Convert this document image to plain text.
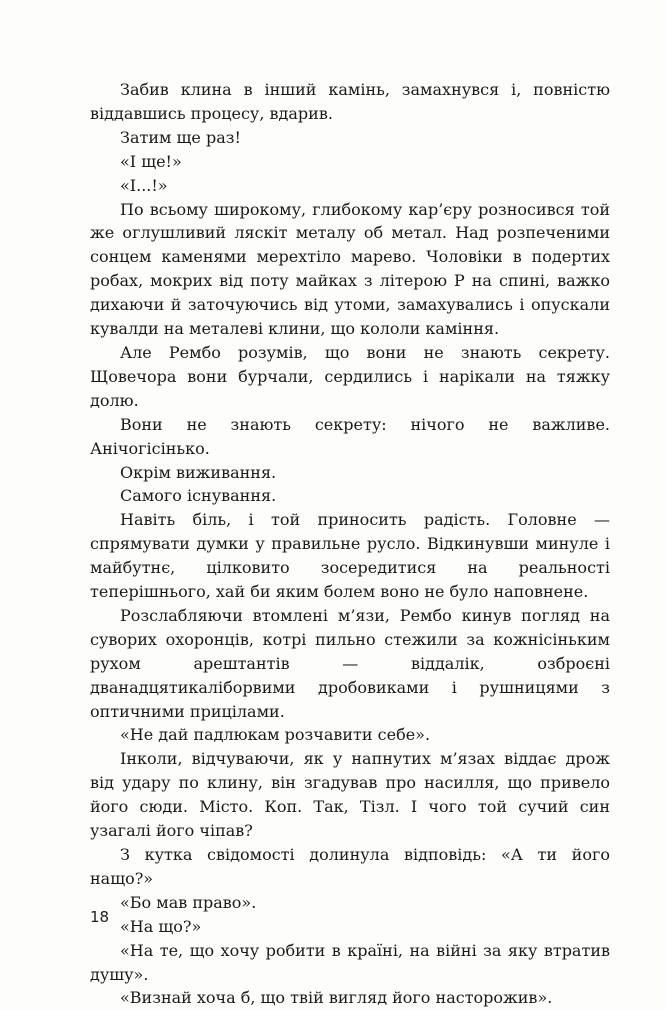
Забив клина в інший камінь, замахнувся і, повністю віддавшись процесу, вдарив.

Затим ще раз!

«І ще!»

«І...!»

По всьому широкому, глибокому кар’єру розносився той же оглушливий ляскіт металу об метал. Над розпеченими сонцем каменями мерехтіло марево. Чоловіки в подертих робах, мокрих від поту майках з літерою Р на спині, важко дихаючи й заточуючись від утоми, замахувались і опускали кувалди на металеві клини, що кололи каміння.

Але Рембо розумів, що вони не знають секрету. Щовечора вони бурчали, сердились і нарікали на тяжку долю.

Вони не знають секрету: нічого не важливе. Анічогісінько.

Окрім виживання.

Самого існування.

Навіть біль, і той приносить радість. Головне — спрямувати думки у правильне русло. Відкинувши минуле і майбутнє, цілковито зосередитися на реальності теперішнього, хай би яким болем воно не було наповнене.

Розслабляючи втомлені м’язи, Рембо кинув погляд на суворих охоронців, котрі пильно стежили за кожнісіньким рухом арештантів — віддалік, озброєні дванадцятикаліборвими дробовиками і рушницями з оптичними прицілами.

«Не дай падлюкам розчавити себе».

Інколи, відчуваючи, як у напнутих м’язах віддає дрож від удару по клину, він згадував про насилля, що привело його сюди. Місто. Коп. Так, Тізл. І чого той сучий син узагалі його чіпав?

З кутка свідомості долинула відповідь: «А ти його нащо?»

«Бо мав право».

«На що?»

«На те, що хочу робити в країні, на війні за яку втратив душу».

«Визнай хоча б, що твій вигляд його насторожив».

18
